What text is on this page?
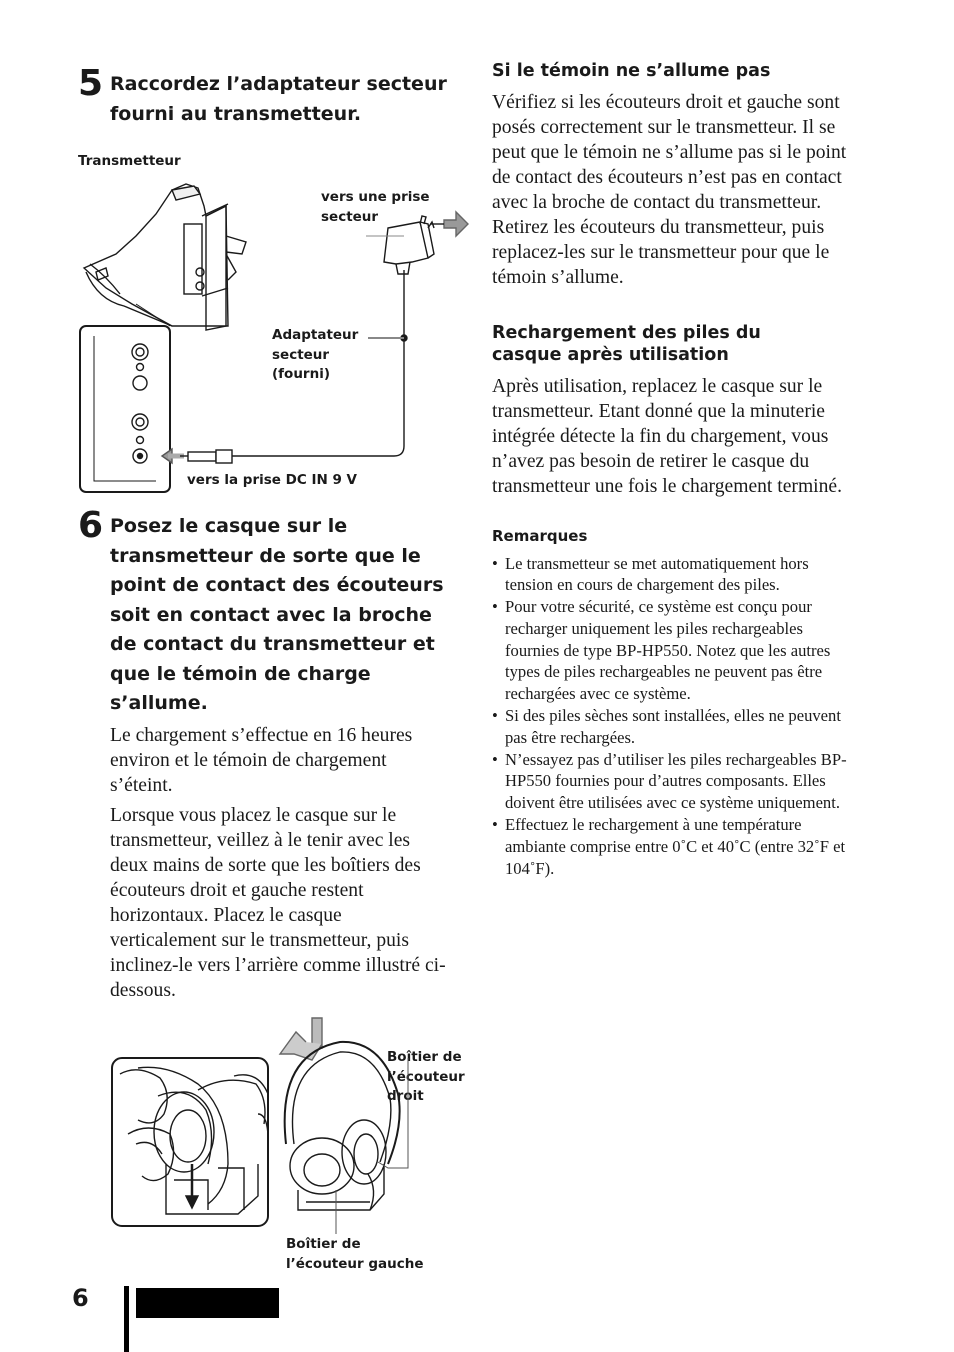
5 Raccordez l’adaptateur secteur fourni au transmetteur.

Transmetteur
vers une prise
secteur
Adaptateur
secteur
(fourni)
vers la prise DC IN 9 V
6 Posez le casque sur le transmetteur de sorte que le point de contact des écouteurs soit en contact avec la broche de contact du transmetteur et que le témoin de charge s’allume.

Le chargement s’effectue en 16 heures environ et le témoin de chargement s’éteint.

Lorsque vous placez le casque sur le transmetteur, veillez à le tenir avec les deux mains de sorte que les boîtiers des écouteurs droit et gauche restent horizontaux. Placez le casque verticalement sur le transmetteur, puis inclinez-le vers l’arrière comme illustré ci-dessous.

Boîtier de
l’écouteur
droit
Boîtier de
l’écouteur gauche

Si le témoin ne s’allume pas

Vérifiez si les écouteurs droit et gauche sont posés correctement sur le transmetteur. Il se peut que le témoin ne s’allume pas si le point de contact des écouteurs n’est pas en contact avec la broche de contact du transmetteur. Retirez les écouteurs du transmetteur, puis replacez-les sur le transmetteur pour que le témoin s’allume.

Rechargement des piles du

casque après utilisation

Après utilisation, replacez le casque sur le transmetteur. Etant donné que la minuterie intégrée détecte la fin du chargement, vous n’avez pas besoin de retirer le casque du transmetteur une fois le chargement terminé.

Remarques

• Le transmetteur se met automatiquement hors tension en cours de chargement des piles.
• Pour votre sécurité, ce système est conçu pour recharger uniquement les piles rechargeables fournies de type BP-HP550. Notez que les autres types de piles rechargeables ne peuvent pas être rechargées avec ce système.
• Si des piles sèches sont installées, elles ne peuvent pas être rechargées.
• N’essayez pas d’utiliser les piles rechargeables BP-HP550 fournies pour d’autres composants. Elles doivent être utilisées avec ce système uniquement.
• Effectuez le rechargement à une température ambiante comprise entre 0˚C et 40˚C (entre 32˚F et 104˚F).
6
